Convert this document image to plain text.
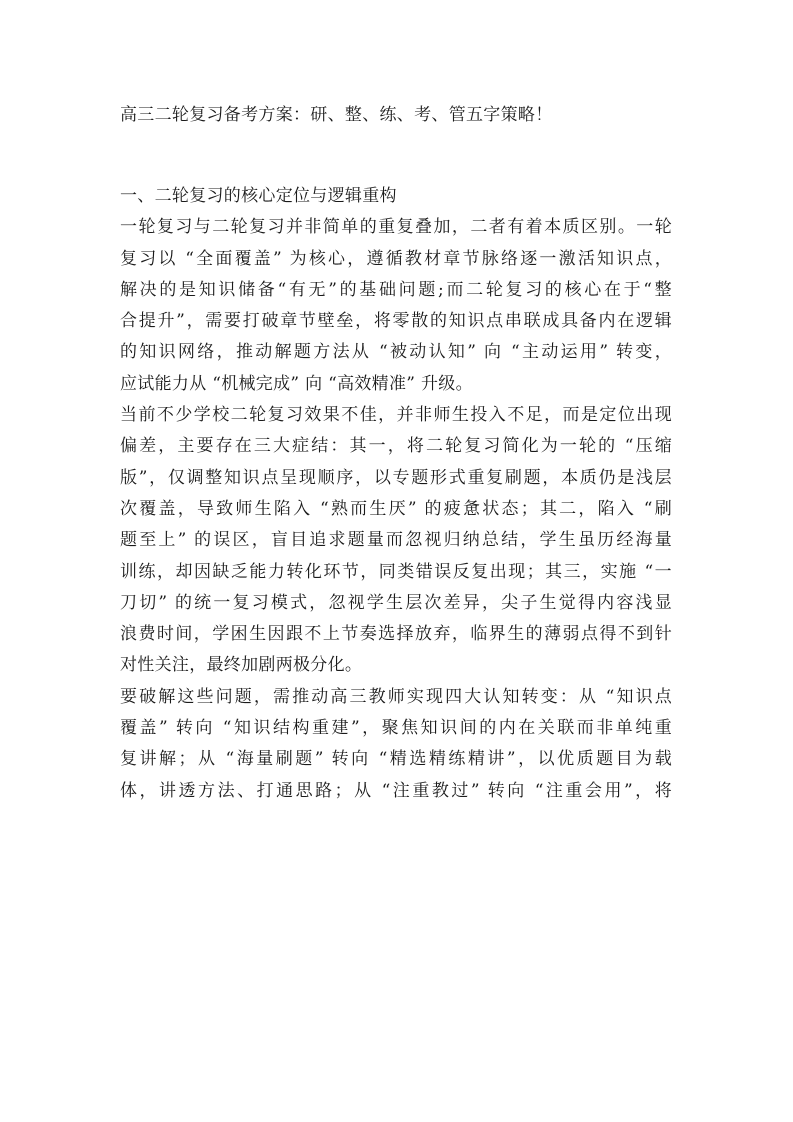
高三二轮复习备考方案：研、整、练、考、管五字策略！
一、二轮复习的核心定位与逻辑重构

一轮复习与二轮复习并非简单的重复叠加，二者有着本质区别。一轮
复习以 “全面覆盖” 为核心，遵循教材章节脉络逐一激活知识点，
解决的是知识储备“有无”的基础问题;而二轮复习的核心在于“整
合提升”，需要打破章节壁垒，将零散的知识点串联成具备内在逻辑
的知识网络，推动解题方法从 “被动认知” 向 “主动运用” 转变，
应试能力从 “机械完成” 向 “高效精准” 升级。

当前不少学校二轮复习效果不佳，并非师生投入不足，而是定位出现
偏差，主要存在三大症结：其一，将二轮复习简化为一轮的 “压缩
版”，仅调整知识点呈现顺序，以专题形式重复刷题，本质仍是浅层
次覆盖，导致师生陷入 “熟而生厌” 的疲惫状态；其二，陷入 “刷
题至上” 的误区，盲目追求题量而忽视归纳总结，学生虽历经海量
训练，却因缺乏能力转化环节，同类错误反复出现；其三，实施 “一
刀切” 的统一复习模式，忽视学生层次差异，尖子生觉得内容浅显
浪费时间，学困生因跟不上节奏选择放弃，临界生的薄弱点得不到针
对性关注，最终加剧两极分化。

要破解这些问题，需推动高三教师实现四大认知转变：从 “知识点
覆盖” 转向 “知识结构重建”，聚焦知识间的内在关联而非单纯重
复讲解；从 “海量刷题” 转向 “精选精练精讲”，以优质题目为载
体，讲透方法、打通思路；从 “注重教过” 转向 “注重会用”，将
